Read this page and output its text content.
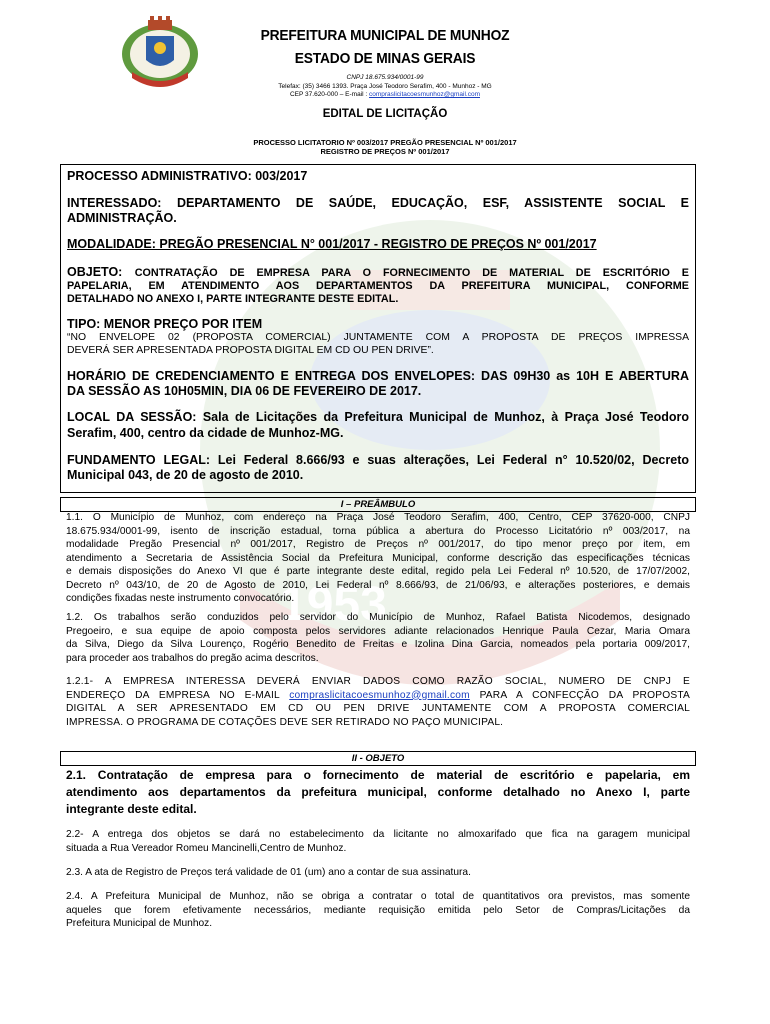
1953
PREFEITURA MUNICIPAL DE MUNHOZ
ESTADO DE MINAS GERAIS
CNPJ 18.675.934/0001-99
Telefax: (35) 3466 1393. Praça José Teodoro Serafim, 400 - Munhoz - MG
CEP 37.620-000 – E-mail : compraslicitacoesmunhoz@gmail.com
EDITAL DE LICITAÇÃO
PROCESSO LICITATORIO Nº 003/2017 PREGÃO PRESENCIAL Nº 001/2017
REGISTRO DE PREÇOS Nº 001/2017

PROCESSO ADMINISTRATIVO: 003/2017

INTERESSADO: DEPARTAMENTO DE SAÚDE, EDUCAÇÃO, ESF, ASSISTENTE SOCIAL E

ADMINISTRAÇÃO.

MODALIDADE: PREGÃO PRESENCIAL N° 001/2017 - REGISTRO DE PREÇOS Nº 001/2017

OBJETO: CONTRATAÇÃO DE EMPRESA PARA O FORNECIMENTO DE MATERIAL DE ESCRITÓRIO E

PAPELARIA, EM ATENDIMENTO AOS DEPARTAMENTOS DA PREFEITURA MUNICIPAL, CONFORME

DETALHADO NO ANEXO I, PARTE INTEGRANTE DESTE EDITAL.

TIPO: MENOR PREÇO POR ITEM

“NO ENVELOPE 02 (PROPOSTA COMERCIAL) JUNTAMENTE COM A PROPOSTA DE PREÇOS IMPRESSA

DEVERÁ SER APRESENTADA PROPOSTA DIGITAL EM CD OU PEN DRIVE”.

HORÁRIO DE CREDENCIAMENTO E ENTREGA DOS ENVELOPES: DAS 09H30 as 10H E ABERTURA

DA SESSÃO AS 10H05MIN, DIA 06 DE FEVEREIRO DE 2017.

LOCAL DA SESSÃO: Sala de Licitações da Prefeitura Municipal de Munhoz, à Praça José Teodoro

Serafim, 400, centro da cidade de Munhoz-MG.

FUNDAMENTO LEGAL: Lei Federal 8.666/93 e suas alterações, Lei Federal n° 10.520/02, Decreto

Municipal 043, de 20 de agosto de 2010.

I – PREÂMBULO
1.1. O Município de Munhoz, com endereço na Praça José Teodoro Serafim, 400, Centro, CEP 37620-000, CNPJ
18.675.934/0001-99, isento de inscrição estadual, torna pública a abertura do Processo Licitatório nº 003/2017, na
modalidade Pregão Presencial nº 001/2017, Registro de Preços nº 001/2017, do tipo menor preço por item, em
atendimento a Secretaria de Assistência Social da Prefeitura Municipal, conforme descrição das especificações técnicas
e demais disposições do Anexo VI que é parte integrante deste edital, regido pela Lei Federal nº 10.520, de 17/07/2002,
Decreto nº 043/10, de 20 de Agosto de 2010, Lei Federal nº 8.666/93, de 21/06/93, e alterações posteriores, e demais
condições fixadas neste instrumento convocatório.
1.2. Os trabalhos serão conduzidos pelo servidor do Município de Munhoz, Rafael Batista Nicodemos, designado
Pregoeiro, e sua equipe de apoio composta pelos servidores adiante relacionados Henrique Paula Cezar, Maria Omara
da Silva, Diego da Silva Lourenço, Rogério Benedito de Freitas e Izolina Dina Garcia, nomeados pela portaria 009/2017,
para proceder aos trabalhos do pregão acima descritos.
1.2.1- A EMPRESA INTERESSA DEVERÁ ENVIAR DADOS COMO RAZÃO SOCIAL, NUMERO DE CNPJ E
ENDEREÇO DA EMPRESA NO E-MAIL compraslicitacoesmunhoz@gmail.com PARA A CONFECÇÃO DA PROPOSTA
DIGITAL A SER APRESENTADO EM CD OU PEN DRIVE JUNTAMENTE COM A PROPOSTA COMERCIAL
IMPRESSA. O PROGRAMA DE COTAÇÕES DEVE SER RETIRADO NO PAÇO MUNICIPAL.
II - OBJETO
2.1. Contratação de empresa para o fornecimento de material de escritório e papelaria, em
atendimento aos departamentos da prefeitura municipal, conforme detalhado no Anexo I, parte
integrante deste edital.
2.2- A entrega dos objetos se dará no estabelecimento da licitante no almoxarifado que fica na garagem municipal
situada a Rua Vereador Romeu Mancinelli,Centro de Munhoz.
2.3. A ata de Registro de Preços terá validade de 01 (um) ano a contar de sua assinatura.
2.4. A Prefeitura Municipal de Munhoz, não se obriga a contratar o total de quantitativos ora previstos, mas somente
aqueles que forem efetivamente necessários, mediante requisição emitida pelo Setor de Compras/Licitações da
Prefeitura Municipal de Munhoz.
